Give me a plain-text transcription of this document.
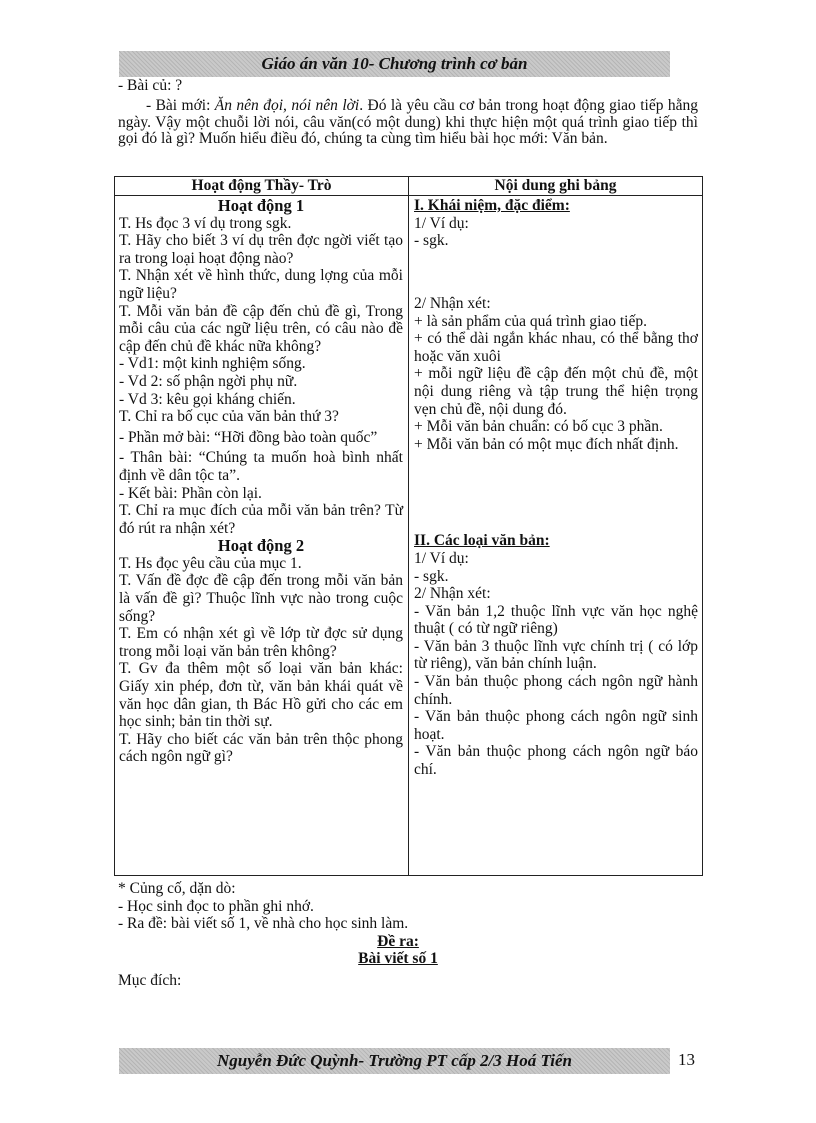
Giáo án văn 10- Chương trình cơ bản
- Bài củ: ?
- Bài mới: Ăn nên đọi, nói nên lời. Đó là yêu cầu cơ bản trong hoạt động giao tiếp hằng ngày. Vậy một chuỗi lời nói, câu văn(có một dung) khi thực hiện một quá trình giao tiếp thì gọi đó là gì? Muốn hiểu điều đó, chúng ta cùng tìm hiểu bài học mới: Văn bản.
Hoạt động Thầy- Trò	Nội dung ghi bảng
Hoạt động 1
T. Hs đọc 3 ví dụ trong sgk.
T. Hãy cho biết 3 ví dụ trên đợc ngời viết tạo ra trong loại hoạt động nào?
T. Nhận xét về hình thức, dung lợng của mỗi ngữ liệu?
T. Mỗi văn bản đề cập đến chủ đề gì, Trong mỗi câu của các ngữ liệu trên, có câu nào đề cập đến chủ đề khác nữa không?
- Vd1: một kinh nghiệm sống.
- Vd 2: số phận ngời phụ nữ.
- Vd 3: kêu gọi kháng chiến.
T. Chỉ ra bố cục của văn bản thứ 3?
- Phần mở bài: “Hỡi đồng bào toàn quốc”
- Thân bài: “Chúng ta muốn hoà bình nhất định về dân tộc ta”.
- Kết bài: Phần còn lại.
T. Chỉ ra mục đích của mỗi văn bản trên? Từ đó rút ra nhận xét?
Hoạt động 2
T. Hs đọc yêu cầu của mục 1.
T. Vấn đề đợc đề cập đến trong mỗi văn bản là vấn đề gì? Thuộc lĩnh vực nào trong cuộc sống?
T. Em có nhận xét gì về lớp từ đợc sử dụng trong mỗi loại văn bản trên không?
T. Gv đa thêm một số loại văn bản khác: Giấy xin phép, đơn từ, văn bản khái quát về văn học dân gian, th Bác Hồ gửi cho các em học sinh; bản tin thời sự.
T. Hãy cho biết các văn bản trên thộc phong cách ngôn ngữ gì?
I. Khái niệm, đặc điểm:
1/ Ví dụ:
- sgk.
2/ Nhận xét:
+ là sản phẩm của quá trình giao tiếp.
+ có thể dài ngắn khác nhau, có thể bằng thơ hoặc văn xuôi
+ mỗi ngữ liệu đề cập đến một chủ đề, một nội dung riêng và tập trung thể hiện trọng vẹn chủ đề, nội dung đó.
+ Mỗi văn bản chuẩn: có bố cục 3 phần.
+ Mỗi văn bản có một mục đích nhất định.
II. Các loại văn bản:
1/ Ví dụ:
- sgk.
2/ Nhận xét:
- Văn bản 1,2 thuộc lĩnh vực văn học nghệ thuật ( có từ ngữ riêng)
- Văn bản 3 thuộc lĩnh vực chính trị ( có lớp từ riêng), văn bản chính luận.
- Văn bản thuộc phong cách ngôn ngữ hành chính.
- Văn bản thuộc phong cách ngôn ngữ sinh hoạt.
- Văn bản thuộc phong cách ngôn ngữ báo chí.
* Củng cố, dặn dò:
- Học sinh đọc to phần ghi nhớ.
- Ra đề: bài viết số 1, về nhà cho học sinh làm.
Đề ra:
Bài viết số 1
Mục đích:
Nguyễn Đức Quỳnh- Trường PT cấp 2/3 Hoá Tiến	13
